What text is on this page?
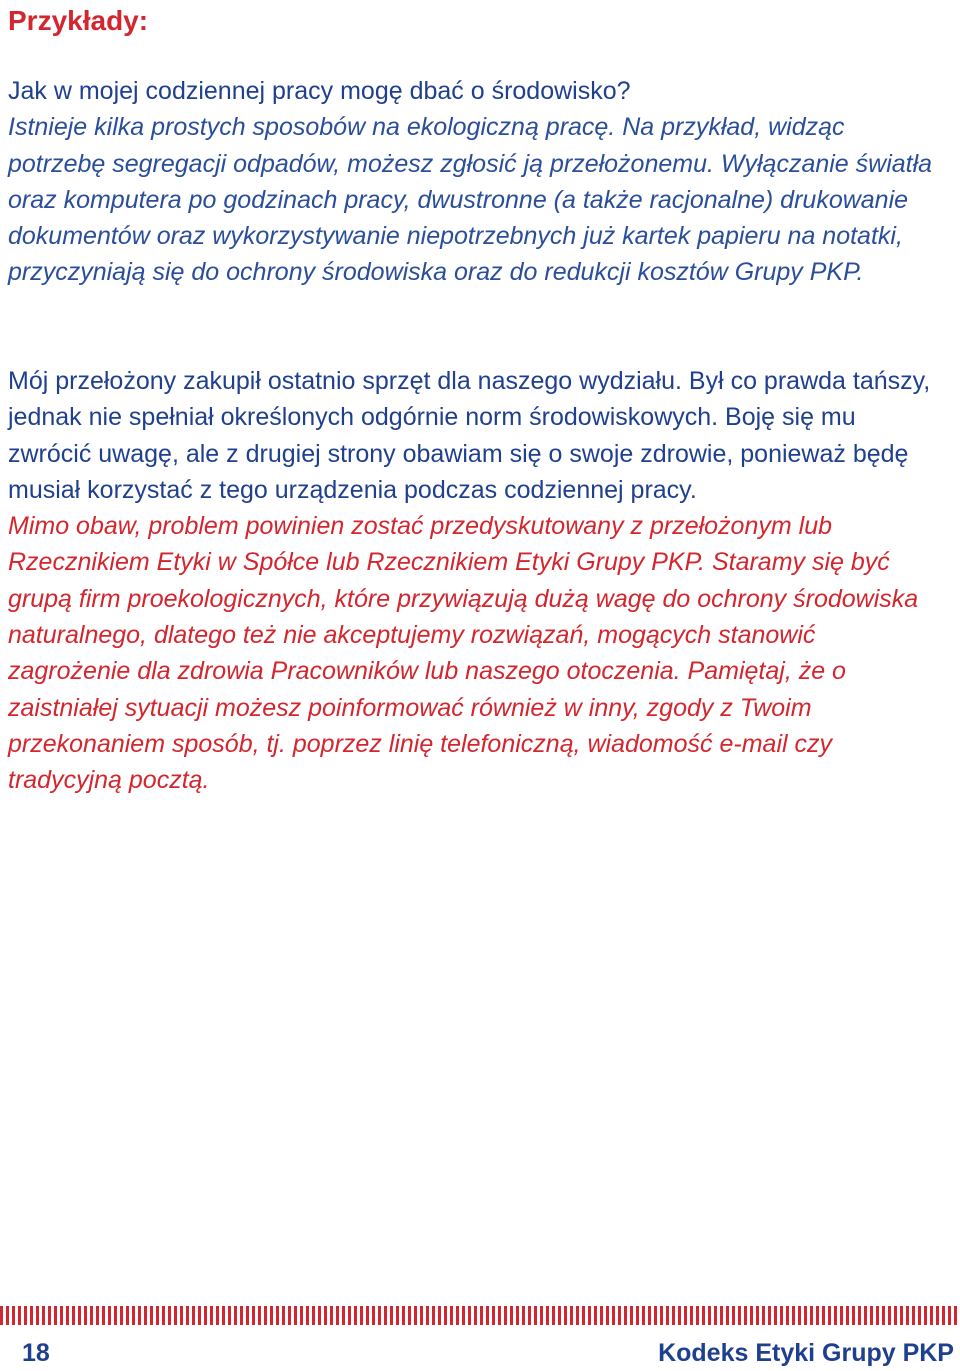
Przykłady:
Jak w mojej codziennej pracy mogę dbać o środowisko?
Istnieje kilka prostych sposobów na ekologiczną pracę. Na przykład, widząc potrzebę segregacji odpadów, możesz zgłosić ją przełożonemu. Wyłączanie światła oraz komputera po godzinach pracy, dwustronne (a także racjonalne) drukowanie dokumentów oraz wykorzystywanie niepotrzebnych już kartek papieru na notatki, przyczyniają się do ochrony środowiska oraz do redukcji kosztów Grupy PKP.
Mój przełożony zakupił ostatnio sprzęt dla naszego wydziału. Był co prawda tańszy, jednak nie spełniał określonych odgórnie norm środowiskowych. Boję się mu zwrócić uwagę, ale z drugiej strony obawiam się o swoje zdrowie, ponieważ będę musiał korzystać z tego urządzenia podczas codziennej pracy.
Mimo obaw, problem powinien zostać przedyskutowany z przełożonym lub Rzecznikiem Etyki w Spółce lub Rzecznikiem Etyki Grupy PKP. Staramy się być grupą firm proekologicznych, które przywiązują dużą wagę do ochrony środowiska naturalnego, dlatego też nie akceptujemy rozwiązań, mogących stanowić zagrożenie dla zdrowia Pracowników lub naszego otoczenia. Pamiętaj, że o zaistniałej sytuacji możesz poinformować również w inny, zgody z Twoim przekonaniem sposób, tj. poprzez linię telefoniczną, wiadomość e-mail czy tradycyjną pocztą.
18	Kodeks Etyki Grupy PKP
